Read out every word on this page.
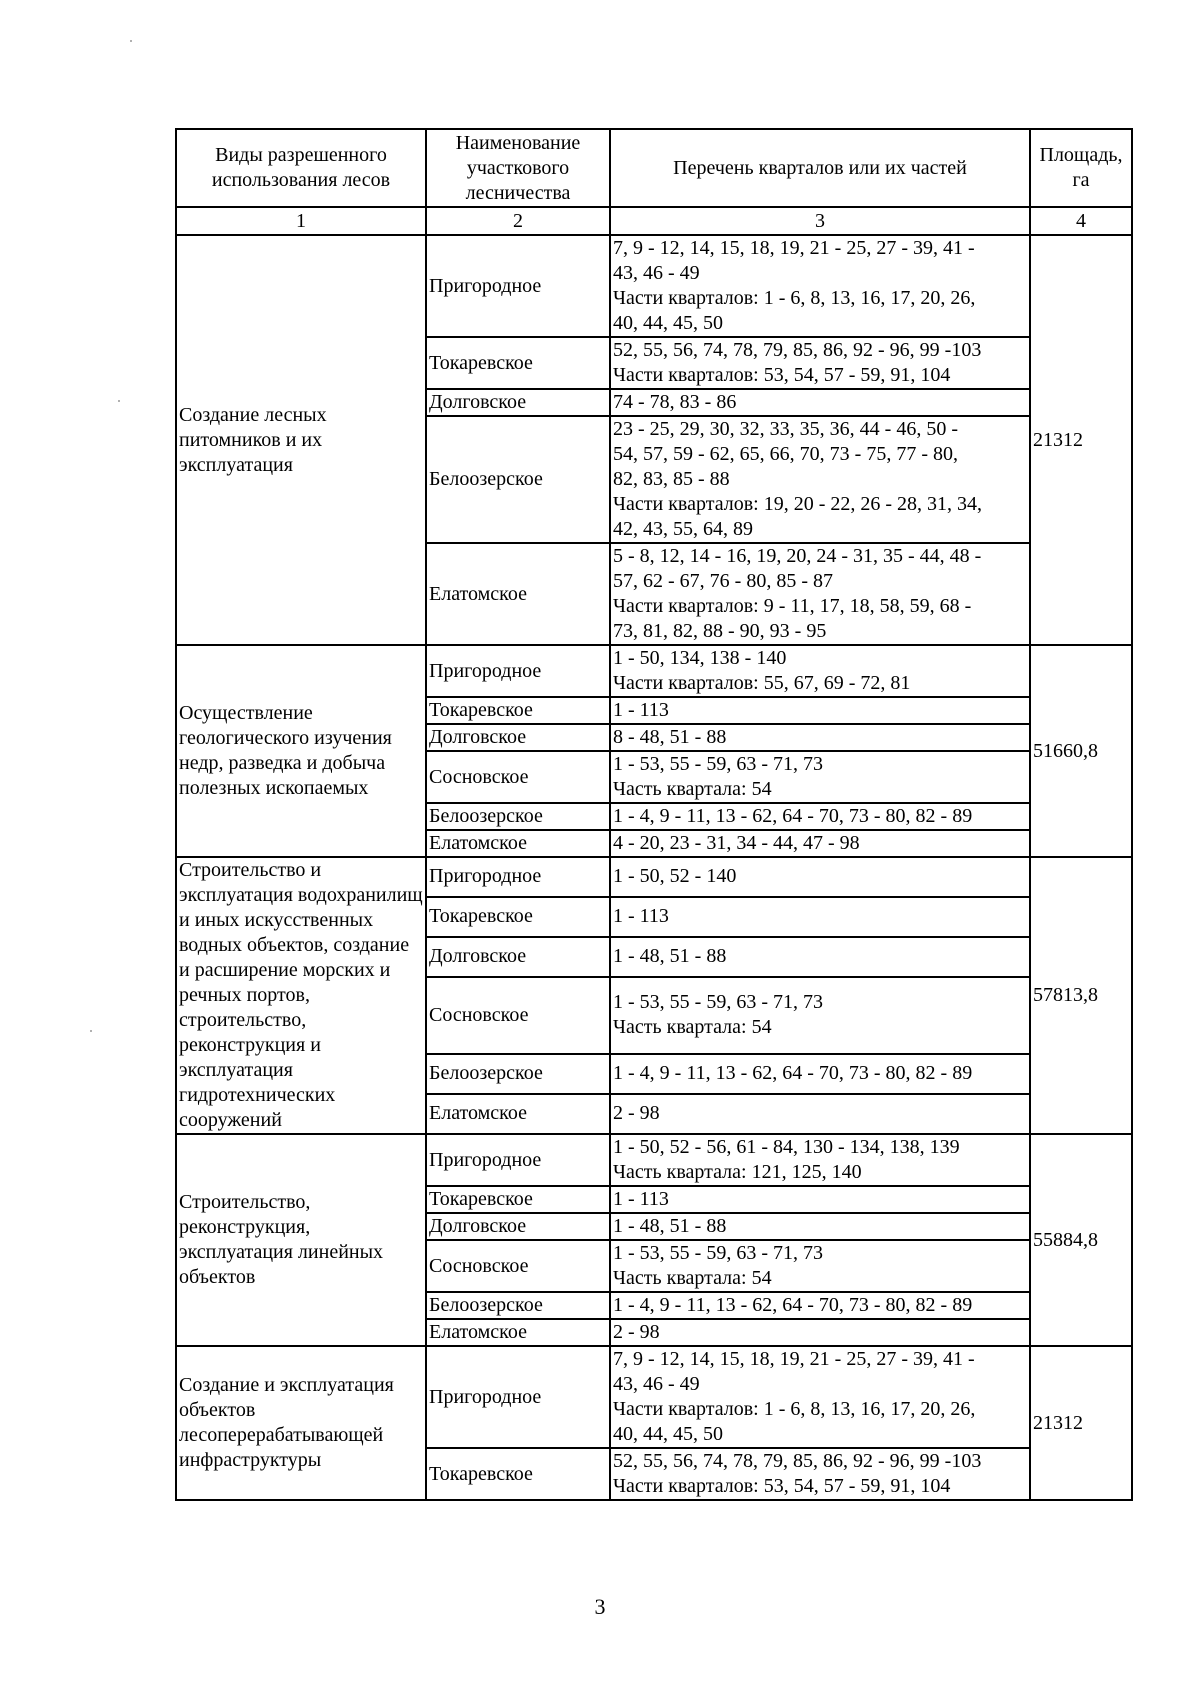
Виды разрешенного использования лесов	Наименование участкового лесничества	Перечень кварталов или их частей	Площадь, га
1	2	3	4
Создание лесных питомников и их эксплуатация	Пригородное	7, 9 - 12, 14, 15, 18, 19, 21 - 25, 27 - 39, 41 -
43, 46 - 49
Части кварталов: 1 - 6, 8, 13, 16, 17, 20, 26,
40, 44, 45, 50	21312
	Токаревское	52, 55, 56, 74, 78, 79, 85, 86, 92 - 96, 99 -103
Части кварталов: 53, 54, 57 - 59, 91, 104	

	Долговское	74 - 78, 83 - 86	

	Белоозерское	23 - 25, 29, 30, 32, 33, 35, 36, 44 - 46, 50 -
54, 57, 59 - 62, 65, 66, 70, 73 - 75, 77 - 80,
82, 83, 85 - 88
Части кварталов: 19, 20 - 22, 26 - 28, 31, 34,
42, 43, 55, 64, 89	

	Елатомское	5 - 8, 12, 14 - 16, 19, 20, 24 - 31, 35 - 44, 48 -
57, 62 - 67, 76 - 80, 85 - 87
Части кварталов: 9 - 11, 17, 18, 58, 59, 68 -
73, 81, 82, 88 - 90, 93 - 95	

Осуществление геологического изучения недр, разведка и добыча полезных ископаемых	Пригородное	1 - 50, 134, 138 - 140
Части кварталов: 55, 67, 69 - 72, 81	51660,8
	Токаревское	1 - 113	

	Долговское	8 - 48, 51 - 88	

	Сосновское	1 - 53, 55 - 59, 63 - 71, 73
Часть квартала: 54	

	Белоозерское	1 - 4, 9 - 11, 13 - 62, 64 - 70, 73 - 80, 82 - 89	

	Елатомское	4 - 20, 23 - 31, 34 - 44, 47 - 98	

Строительство и эксплуатация водохранилищ и иных искусственных водных объектов, создание и расширение морских и речных портов, строительство, реконструкция и эксплуатация гидротехнических сооружений	Пригородное	1 - 50, 52 - 140	57813,8
	Токаревское	1 - 113	

	Долговское	1 - 48, 51 - 88	

	Сосновское	1 - 53, 55 - 59, 63 - 71, 73
Часть квартала: 54	

	Белоозерское	1 - 4, 9 - 11, 13 - 62, 64 - 70, 73 - 80, 82 - 89	

	Елатомское	2 - 98	

Строительство, реконструкция, эксплуатация линейных объектов	Пригородное	1 - 50, 52 - 56, 61 - 84, 130 - 134, 138, 139
Часть квартала: 121, 125, 140	55884,8
	Токаревское	1 - 113	

	Долговское	1 - 48, 51 - 88	

	Сосновское	1 - 53, 55 - 59, 63 - 71, 73
Часть квартала: 54	

	Белоозерское	1 - 4, 9 - 11, 13 - 62, 64 - 70, 73 - 80, 82 - 89	

	Елатомское	2 - 98	

Создание и эксплуатация объектов лесоперерабатывающей инфраструктуры	Пригородное	7, 9 - 12, 14, 15, 18, 19, 21 - 25, 27 - 39, 41 -
43, 46 - 49
Части кварталов: 1 - 6, 8, 13, 16, 17, 20, 26,
40, 44, 45, 50	21312
	Токаревское	52, 55, 56, 74, 78, 79, 85, 86, 92 - 96, 99 -103
Части кварталов: 53, 54, 57 - 59, 91, 104	
3
